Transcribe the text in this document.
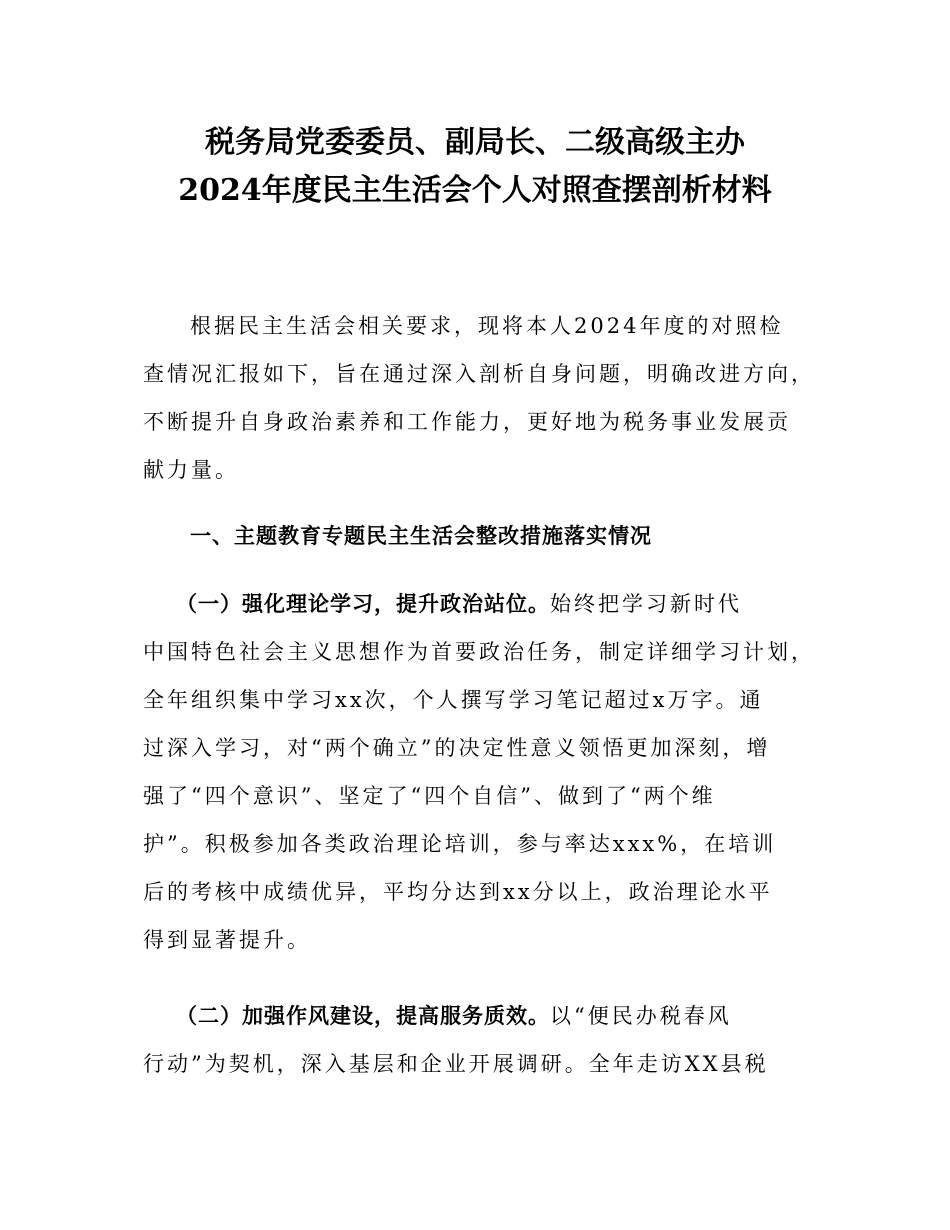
税务局党委委员、副局长、二级高级主办
2024年度民主生活会个人对照查摆剖析材料
根据民主生活会相关要求，现将本人2024年度的对照检
查情况汇报如下，旨在通过深入剖析自身问题，明确改进方向，
不断提升自身政治素养和工作能力，更好地为税务事业发展贡
献力量。
一、主题教育专题民主生活会整改措施落实情况
（一）强化理论学习，提升政治站位。始终把学习新时代
中国特色社会主义思想作为首要政治任务，制定详细学习计划，
全年组织集中学习xx次，个人撰写学习笔记超过x万字。通
过深入学习，对“两个确立”的决定性意义领悟更加深刻，增
强了“四个意识”、坚定了“四个自信”、做到了“两个维
护”。积极参加各类政治理论培训，参与率达xxx%，在培训
后的考核中成绩优异，平均分达到xx分以上，政治理论水平
得到显著提升。
（二）加强作风建设，提高服务质效。以“便民办税春风
行动”为契机，深入基层和企业开展调研。全年走访XX县税
